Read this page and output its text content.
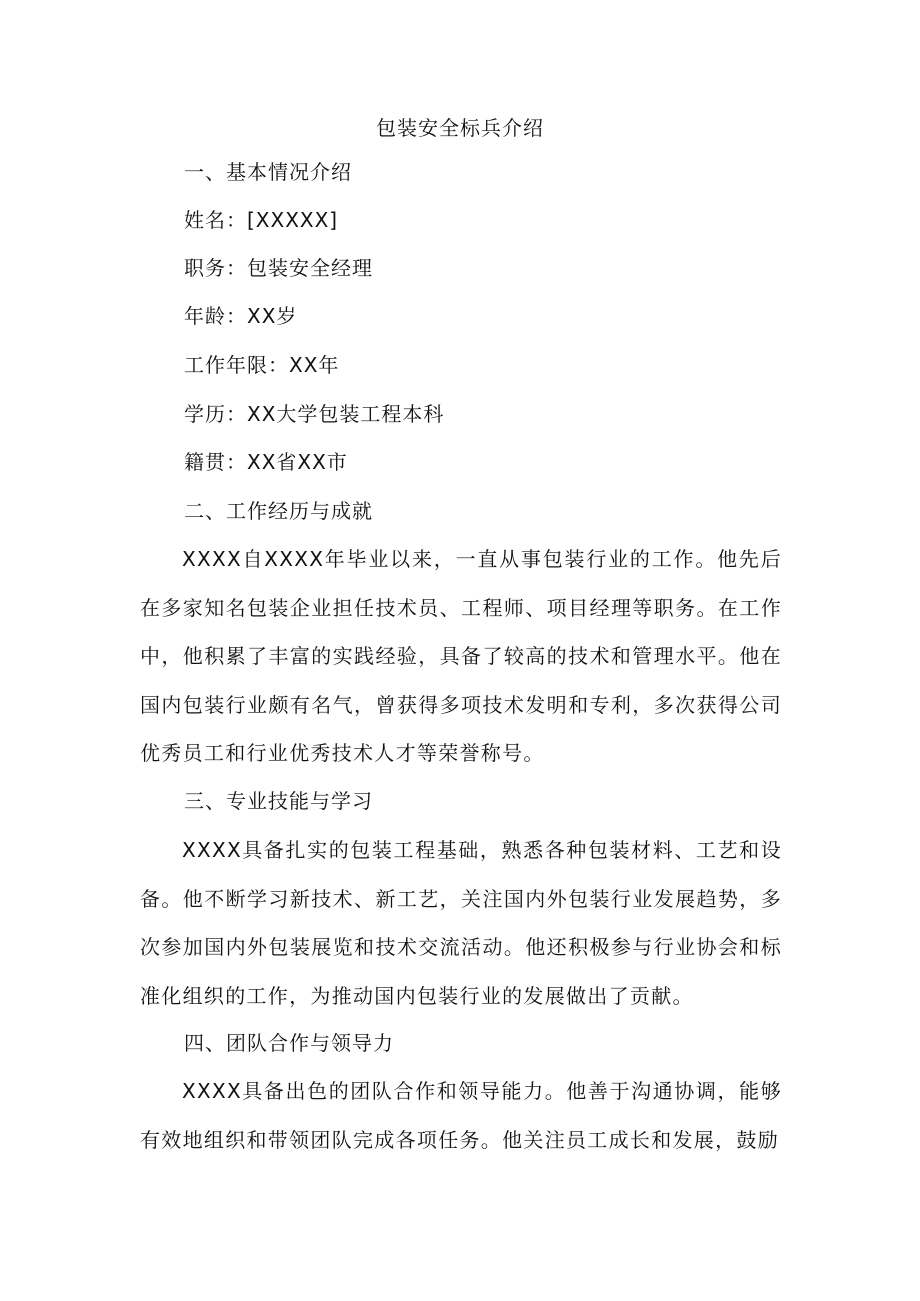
包装安全标兵介绍
一、基本情况介绍
姓名：[XXXXX]
职务：包装安全经理
年龄：XX岁
工作年限：XX年
学历：XX大学包装工程本科
籍贯：XX省XX市
二、工作经历与成就
XXXX自XXXX年毕业以来，一直从事包装行业的工作。他先后在多家知名包装企业担任技术员、工程师、项目经理等职务。在工作中，他积累了丰富的实践经验，具备了较高的技术和管理水平。他在国内包装行业颇有名气，曾获得多项技术发明和专利，多次获得公司优秀员工和行业优秀技术人才等荣誉称号。
三、专业技能与学习
XXXX具备扎实的包装工程基础，熟悉各种包装材料、工艺和设备。他不断学习新技术、新工艺，关注国内外包装行业发展趋势，多次参加国内外包装展览和技术交流活动。他还积极参与行业协会和标准化组织的工作，为推动国内包装行业的发展做出了贡献。
四、团队合作与领导力
XXXX具备出色的团队合作和领导能力。他善于沟通协调，能够有效地组织和带领团队完成各项任务。他关注员工成长和发展，鼓励
